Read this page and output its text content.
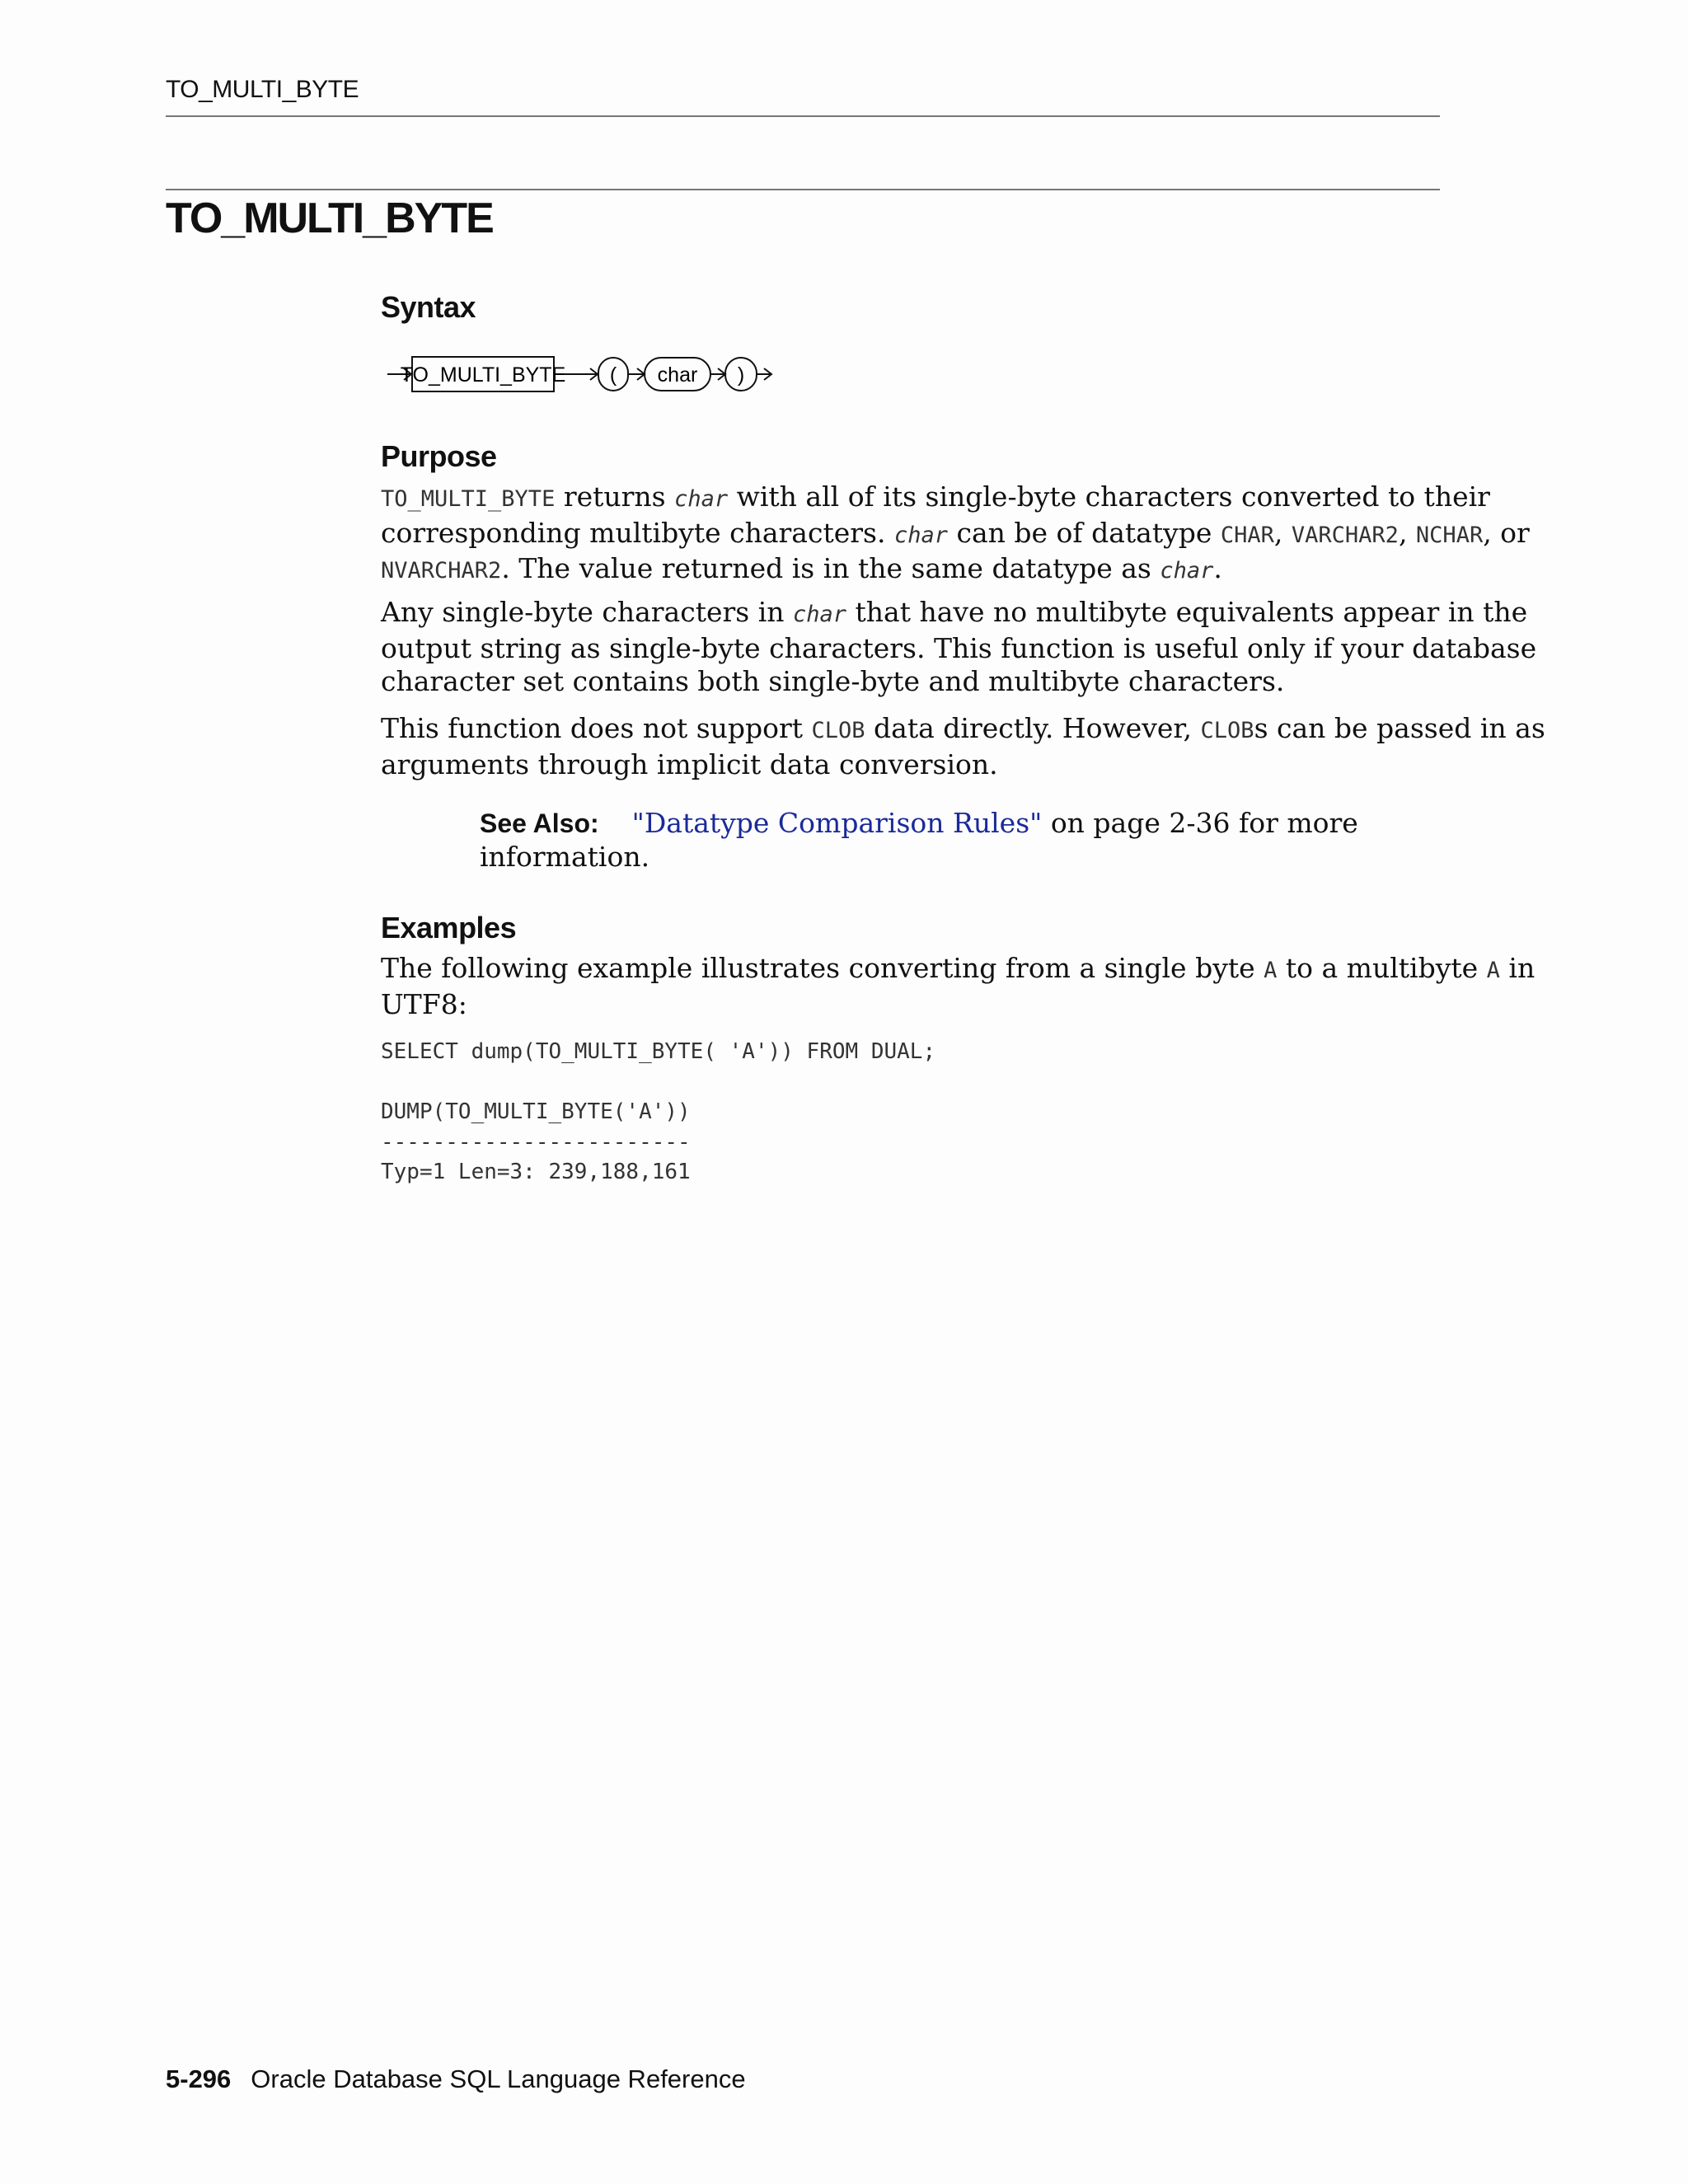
TO_MULTI_BYTE
TO_MULTI_BYTE
Syntax
TO_MULTI_BYTE ( char )
Purpose

TO_MULTI_BYTE returns char with all of its single-byte characters converted to their

corresponding multibyte characters. char can be of datatype CHAR, VARCHAR2, NCHAR, or

NVARCHAR2. The value returned is in the same datatype as char.

Any single-byte characters in char that have no multibyte equivalents appear in the

output string as single-byte characters. This function is useful only if your database

character set contains both single-byte and multibyte characters.

This function does not support CLOB data directly. However, CLOBs can be passed in as

arguments through implicit data conversion.

See Also: "Datatype Comparison Rules" on page 2-36 for more

information.

Examples

The following example illustrates converting from a single byte A to a multibyte A in

UTF8:

SELECT dump(TO_MULTI_BYTE( 'A')) FROM DUAL;

DUMP(TO_MULTI_BYTE('A'))
------------------------
Typ=1 Len=3: 239,188,161
5-296 Oracle Database SQL Language Reference
